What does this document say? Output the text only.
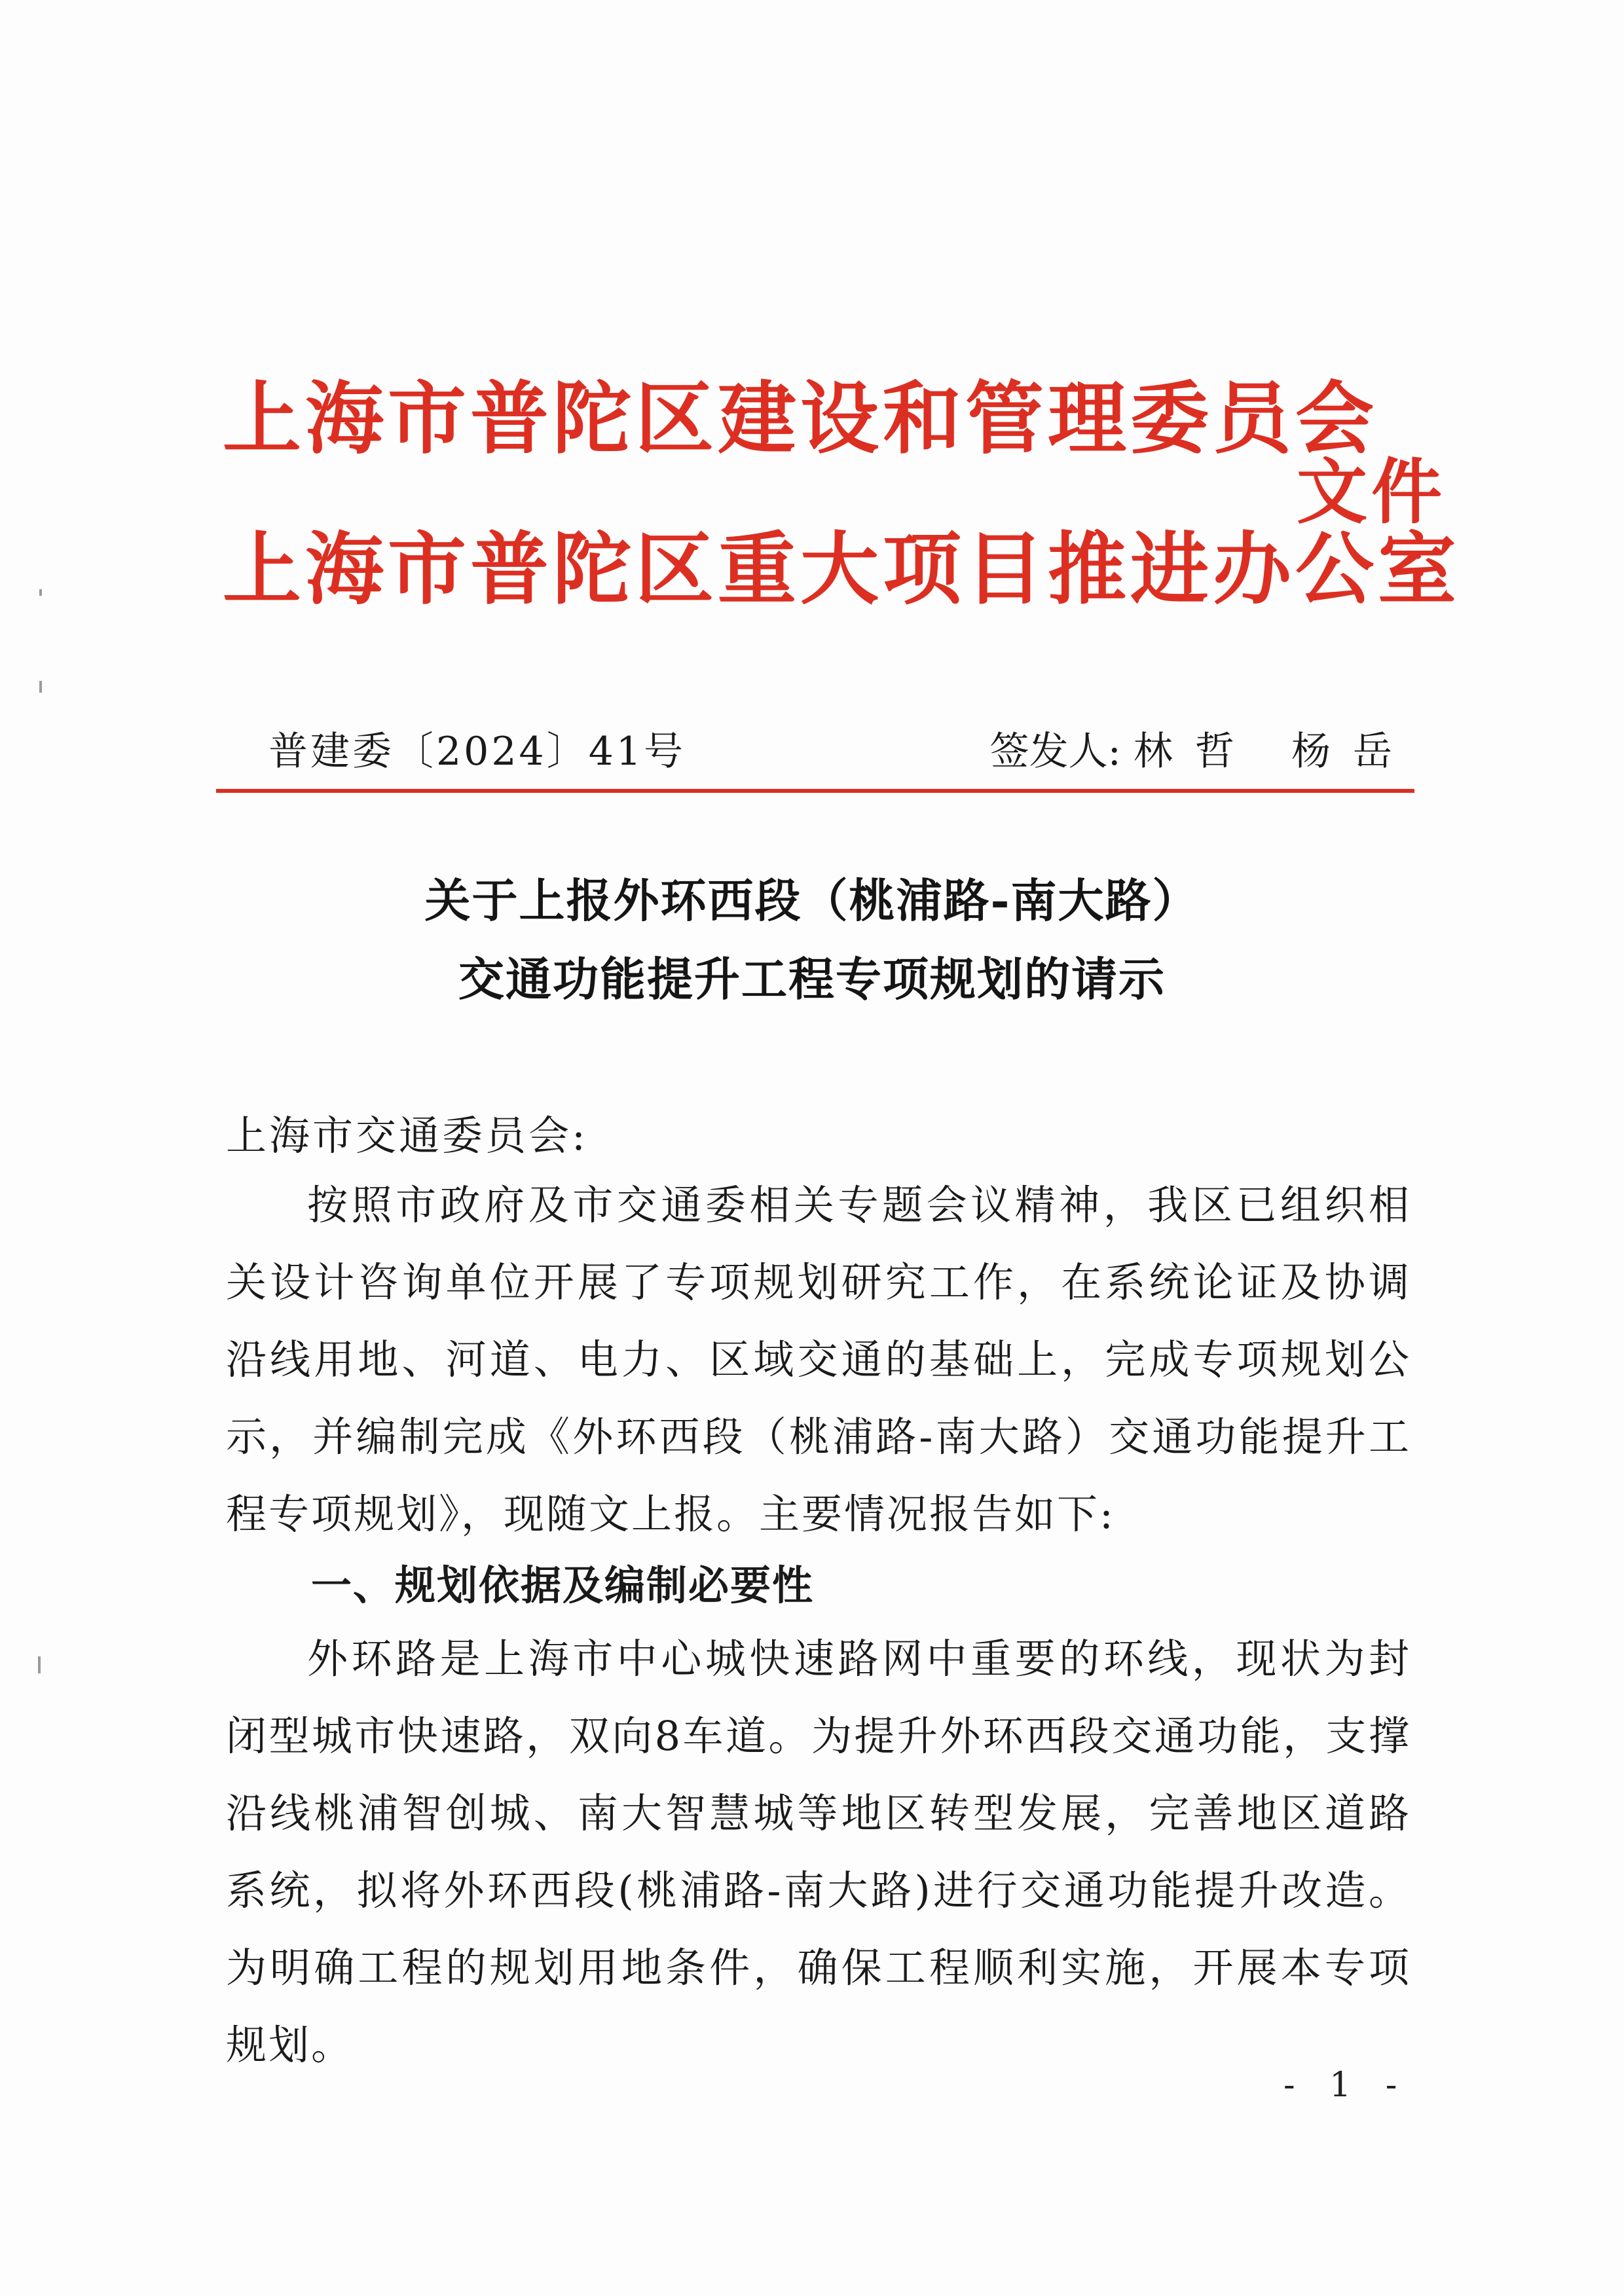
上海市普陀区建设和管理委员会
上海市普陀区重大项目推进办公室
文件
普建委〔2024〕41号	签发人: 林哲 杨岳
关于上报外环西段（桃浦路-南大路）
交通功能提升工程专项规划的请示
上海市交通委员会:

按照市政府及市交通委相关专题会议精神，我区已组织相关设计咨询单位开展了专项规划研究工作，在系统论证及协调沿线用地、河道、电力、区域交通的基础上，完成专项规划公示，并编制完成《外环西段（桃浦路-南大路）交通功能提升工程专项规划》，现随文上报。主要情况报告如下:

一、规划依据及编制必要性

外环路是上海市中心城快速路网中重要的环线，现状为封闭型城市快速路，双向8车道。为提升外环西段交通功能，支撑沿线桃浦智创城、南大智慧城等地区转型发展，完善地区道路系统，拟将外环西段(桃浦路-南大路)进行交通功能提升改造。为明确工程的规划用地条件，确保工程顺利实施，开展本专项规划。

- 1 -
